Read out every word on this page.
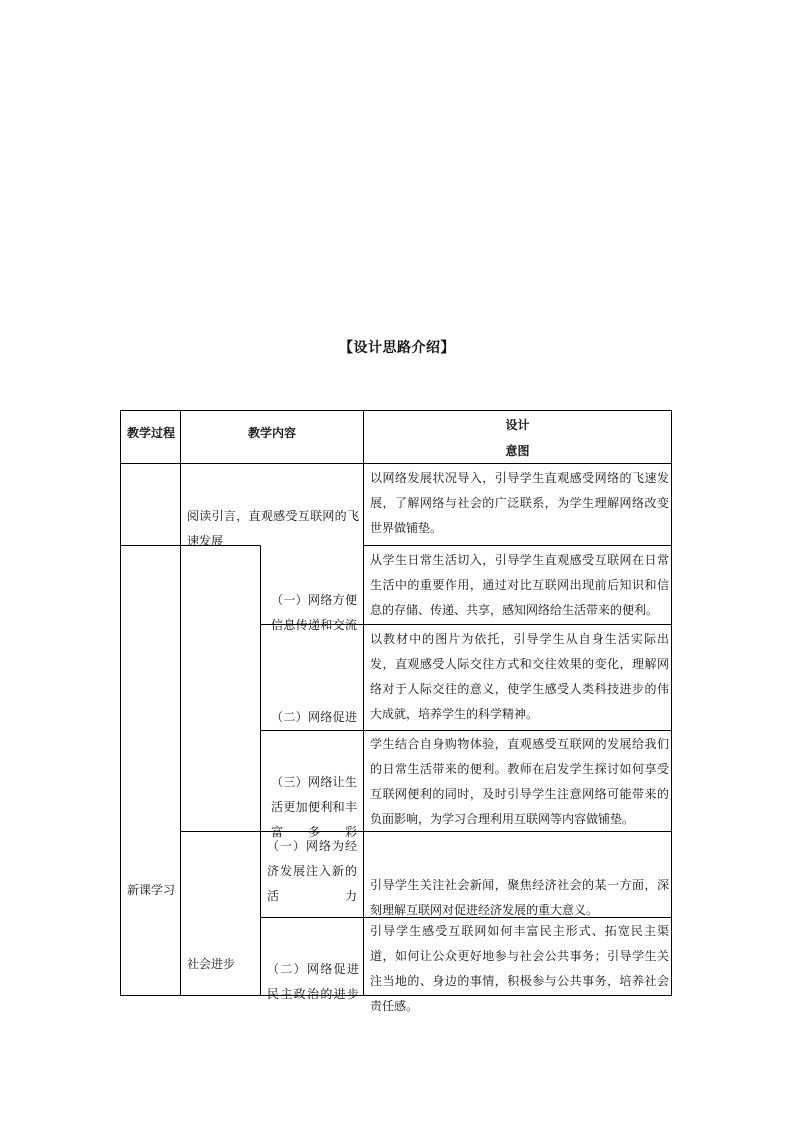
【设计思路介绍】
教学过程	教学内容
设计
意图
阅读引言，直观感受互联网的飞速发展
以网络发展状况导入，引导学生直观感受网络的飞速发展，了解网络与社会的广泛联系，为学生理解网络改变世界做铺垫。
新课学习
社会进步
（一）网络方便信息传递和交流
从学生日常生活切入，引导学生直观感受互联网在日常生活中的重要作用，通过对比互联网出现前后知识和信息的存储、传递、共享，感知网络给生活带来的便利。
（二）网络促进
以教材中的图片为依托，引导学生从自身生活实际出发，直观感受人际交往方式和交往效果的变化，理解网络对于人际交往的意义，使学生感受人类科技进步的伟大成就，培养学生的科学精神。
（三）网络让生活更加便利和丰富多彩
学生结合自身购物体验，直观感受互联网的发展给我们的日常生活带来的便利。教师在启发学生探讨如何享受互联网便利的同时，及时引导学生注意网络可能带来的负面影响，为学习合理利用互联网等内容做铺垫。
（一）网络为经济发展注入新的活力
引导学生关注社会新闻，聚焦经济社会的某一方面，深刻理解互联网对促进经济发展的重大意义。
（二）网络促进民主政治的进步
引导学生感受互联网如何丰富民主形式、拓宽民主渠道，如何让公众更好地参与社会公共事务；引导学生关注当地的、身边的事情，积极参与公共事务，培养社会责任感。
